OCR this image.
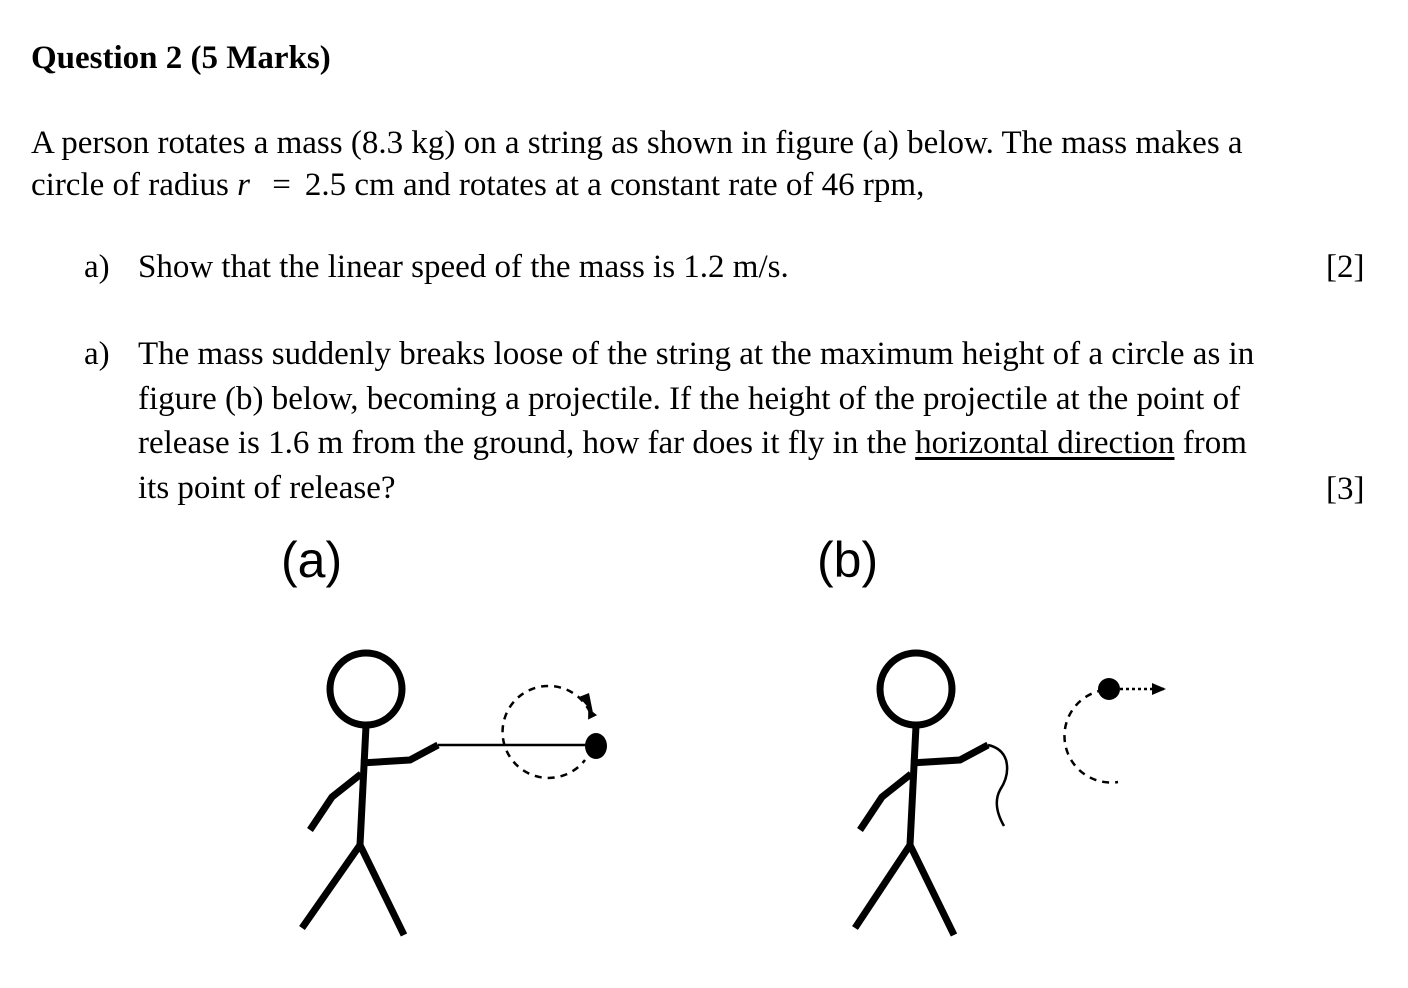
Question 2 (5 Marks)
A person rotates a mass (8.3 kg) on a string as shown in figure (a) below. The mass makes a
circle of radius r = 2.5 cm and rotates at a constant rate of 46 rpm,
a) Show that the linear speed of the mass is 1.2 m/s.	[2]
a) The mass suddenly breaks loose of the string at the maximum height of a circle as in
figure (b) below, becoming a projectile. If the height of the projectile at the point of
release is 1.6 m from the ground, how far does it fly in the horizontal direction from
its point of release?	[3]
(a)	(b)
